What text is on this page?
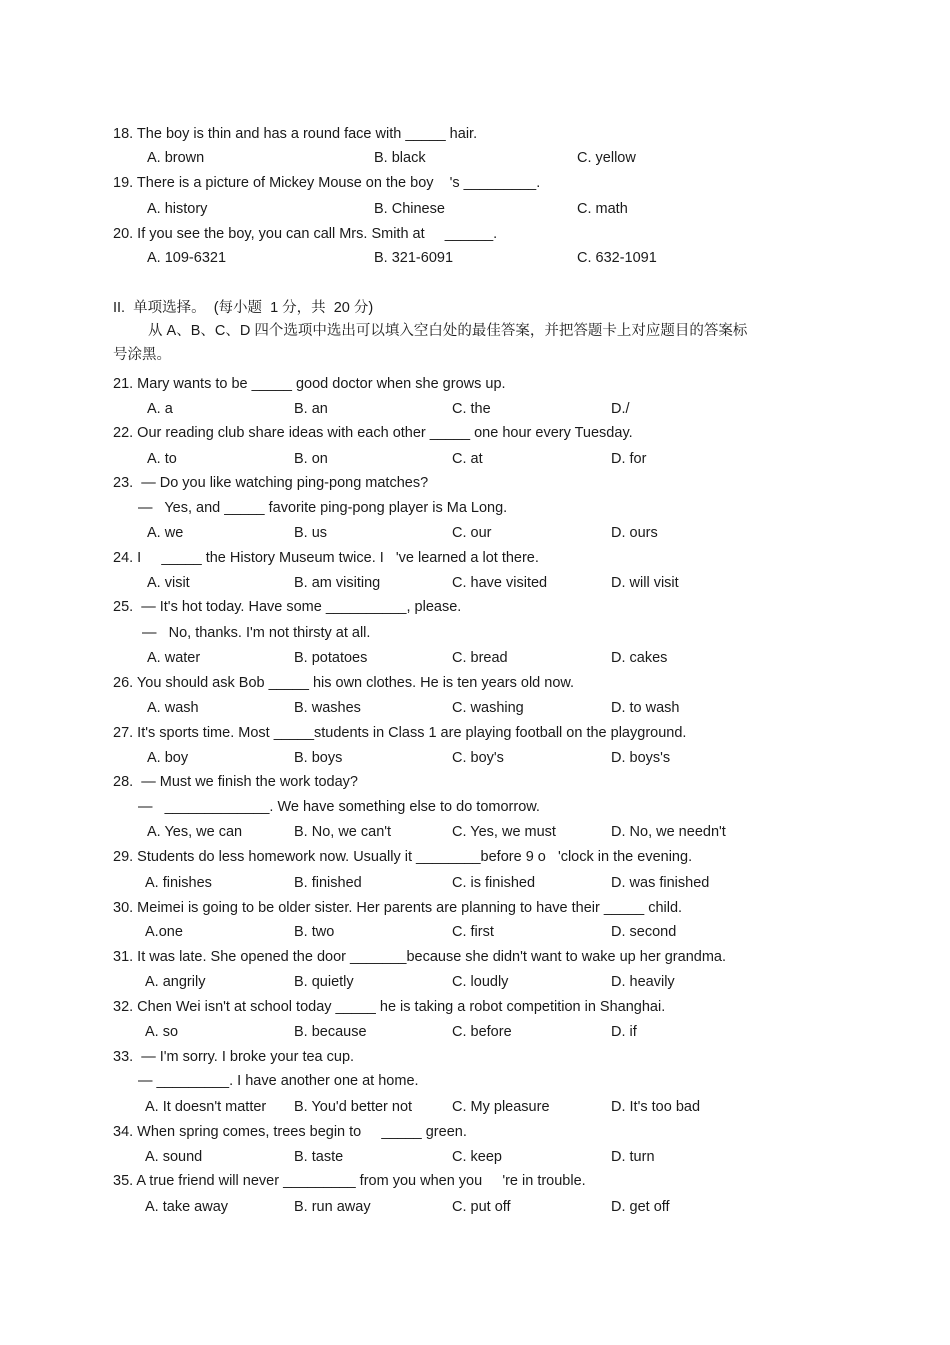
18. The boy is thin and has a round face with _____ hair.
A. brown	B. black	C. yellow
19. There is a picture of Mickey Mouse on the boy    's _________.
A. history	B. Chinese	C. math
20. If you see the boy, you can call Mrs. Smith at     ______.
A. 109-6321	B. 321-6091	C. 632-1091
II.  单项选择。  (每小题  1 分，共  20 分)
从 A、B、C、D 四个选项中选出可以填入空白处的最佳答案，并把答题卡上对应题目的答案标
号涂黑。
21. Mary wants to be _____ good doctor when she grows up.
A. a	B. an	C. the	D./
22. Our reading club share ideas with each other _____ one hour every Tuesday.
A. to	B. on	C. at	D. for
23.  — Do you like watching ping-pong matches?
—   Yes, and _____ favorite ping-pong player is Ma Long.
A. we	B. us	C. our	D. ours
24. I     _____ the History Museum twice. I   've learned a lot there.
A. visit	B. am visiting	C. have visited	D. will visit
25.  — It's hot today. Have some __________, please.
—   No, thanks. I'm not thirsty at all.
A. water	B. potatoes	C. bread	D. cakes
26. You should ask Bob _____ his own clothes. He is ten years old now.
A. wash	B. washes	C. washing	D. to wash
27. It's sports time. Most _____students in Class 1 are playing football on the playground.
A. boy	B. boys	C. boy's	D. boys's
28.  — Must we finish the work today?
—   _____________. We have something else to do tomorrow.
A. Yes, we can	B. No, we can't	C. Yes, we must	D. No, we needn't
29. Students do less homework now. Usually it ________before 9 o   'clock in the evening.
A. finishes	B. finished	C. is finished	D. was finished
30. Meimei is going to be older sister. Her parents are planning to have their _____ child.
A.one	B. two	C. first	D. second
31. It was late. She opened the door _______because she didn't want to wake up her grandma.
A. angrily	B. quietly	C. loudly	D. heavily
32. Chen Wei isn't at school today _____ he is taking a robot competition in Shanghai.
A. so	B. because	C. before	D. if
33.  — I'm sorry. I broke your tea cup.
— _________. I have another one at home.
A. It doesn't matter B. You'd better not	C. My pleasure	D. It's too bad
34. When spring comes, trees begin to     _____ green.
A. sound	B. taste	C. keep	D. turn
35. A true friend will never _________ from you when you     're in trouble.
A. take away	B. run away	C. put off	D. get off
